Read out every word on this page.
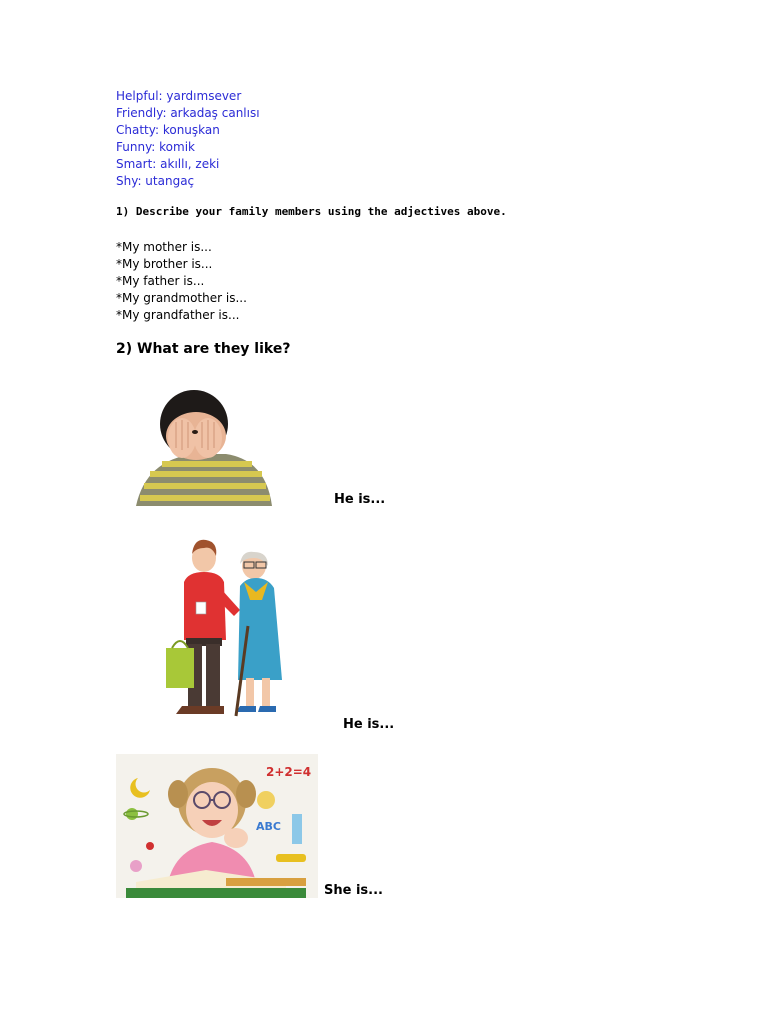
Helpful: yardımsever
Friendly: arkadaş canlısı
Chatty: konuşkan
Funny: komik
Smart: akıllı, zeki
Shy: utangaç
1) Describe your family members using the adjectives above.
*My mother is...
*My brother is...
*My father is...
*My grandmother is...
*My grandfather is...
2) What are they like?
He is...
He is...
2+2=4
ABC
She is...
